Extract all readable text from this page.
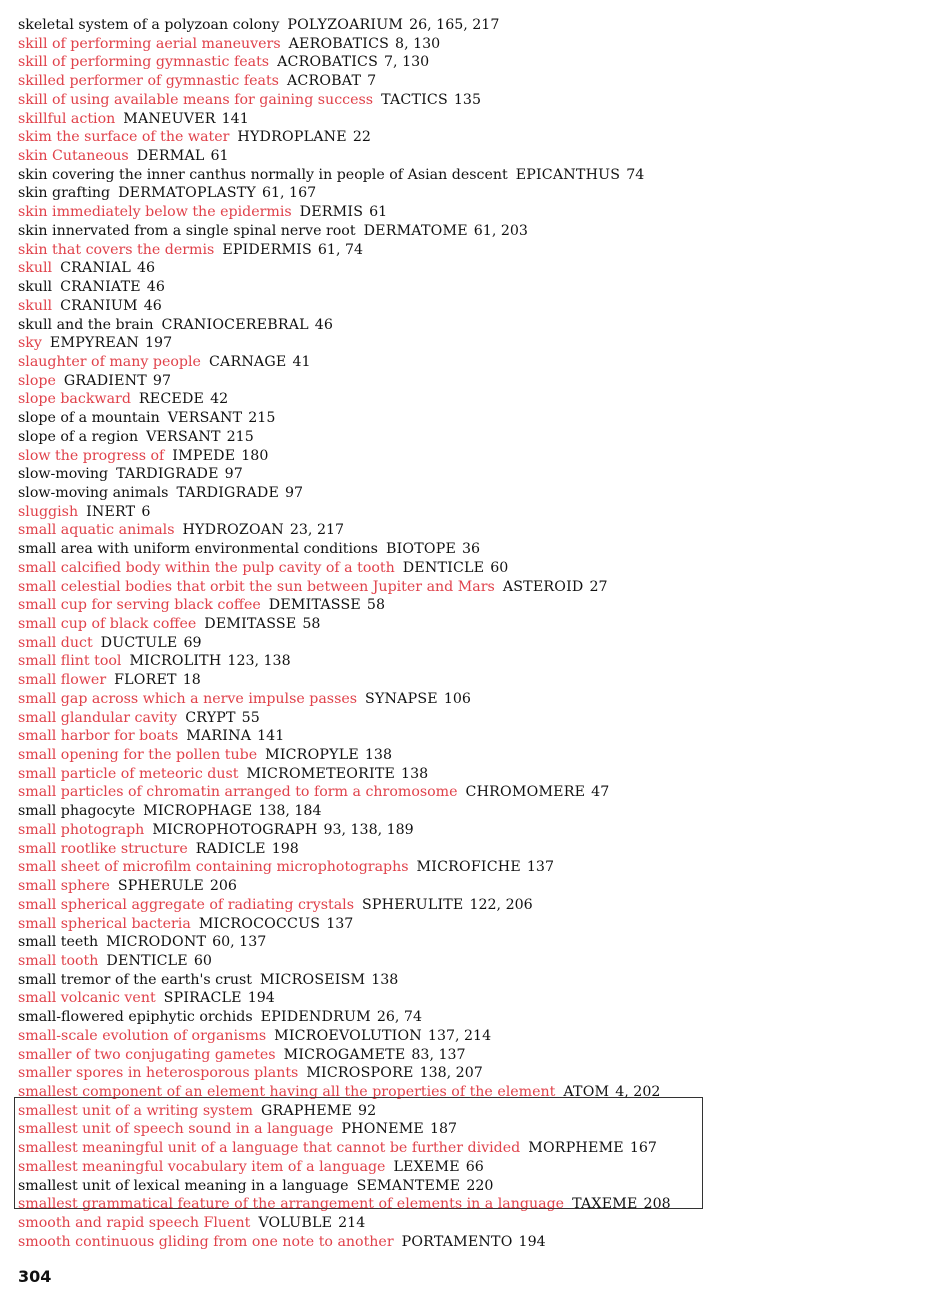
skeletal system of a polyzoan colony POLYZOARIUM 26, 165, 217
skill of performing aerial maneuvers AEROBATICS 8, 130
skill of performing gymnastic feats ACROBATICS 7, 130
skilled performer of gymnastic feats ACROBAT 7
skill of using available means for gaining success TACTICS 135
skillful action MANEUVER 141
skim the surface of the water HYDROPLANE 22
skin Cutaneous DERMAL 61
skin covering the inner canthus normally in people of Asian descent EPICANTHUS 74
skin grafting DERMATOPLASTY 61, 167
skin immediately below the epidermis DERMIS 61
skin innervated from a single spinal nerve root DERMATOME 61, 203
skin that covers the dermis EPIDERMIS 61, 74
skull CRANIAL 46
skull CRANIATE 46
skull CRANIUM 46
skull and the brain CRANIOCEREBRAL 46
sky EMPYREAN 197
slaughter of many people CARNAGE 41
slope GRADIENT 97
slope backward RECEDE 42
slope of a mountain VERSANT 215
slope of a region VERSANT 215
slow the progress of IMPEDE 180
slow-moving TARDIGRADE 97
slow-moving animals TARDIGRADE 97
sluggish INERT 6
small aquatic animals HYDROZOAN 23, 217
small area with uniform environmental conditions BIOTOPE 36
small calcified body within the pulp cavity of a tooth DENTICLE 60
small celestial bodies that orbit the sun between Jupiter and Mars ASTEROID 27
small cup for serving black coffee DEMITASSE 58
small cup of black coffee DEMITASSE 58
small duct DUCTULE 69
small flint tool MICROLITH 123, 138
small flower FLORET 18
small gap across which a nerve impulse passes SYNAPSE 106
small glandular cavity CRYPT 55
small harbor for boats MARINA 141
small opening for the pollen tube MICROPYLE 138
small particle of meteoric dust MICROMETEORITE 138
small particles of chromatin arranged to form a chromosome CHROMOMERE 47
small phagocyte MICROPHAGE 138, 184
small photograph MICROPHOTOGRAPH 93, 138, 189
small rootlike structure RADICLE 198
small sheet of microfilm containing microphotographs MICROFICHE 137
small sphere SPHERULE 206
small spherical aggregate of radiating crystals SPHERULITE 122, 206
small spherical bacteria MICROCOCCUS 137
small teeth MICRODONT 60, 137
small tooth DENTICLE 60
small tremor of the earth's crust MICROSEISM 138
small volcanic vent SPIRACLE 194
small-flowered epiphytic orchids EPIDENDRUM 26, 74
small-scale evolution of organisms MICROEVOLUTION 137, 214
smaller of two conjugating gametes MICROGAMETE 83, 137
smaller spores in heterosporous plants MICROSPORE 138, 207
smallest component of an element having all the properties of the element ATOM 4, 202
smallest unit of a writing system GRAPHEME 92
smallest unit of speech sound in a language PHONEME 187
smallest meaningful unit of a language that cannot be further divided MORPHEME 167
smallest meaningful vocabulary item of a language LEXEME 66
smallest unit of lexical meaning in a language SEMANTEME 220
smallest grammatical feature of the arrangement of elements in a language TAXEME 208
smooth and rapid speech Fluent VOLUBLE 214
smooth continuous gliding from one note to another PORTAMENTO 194
304
